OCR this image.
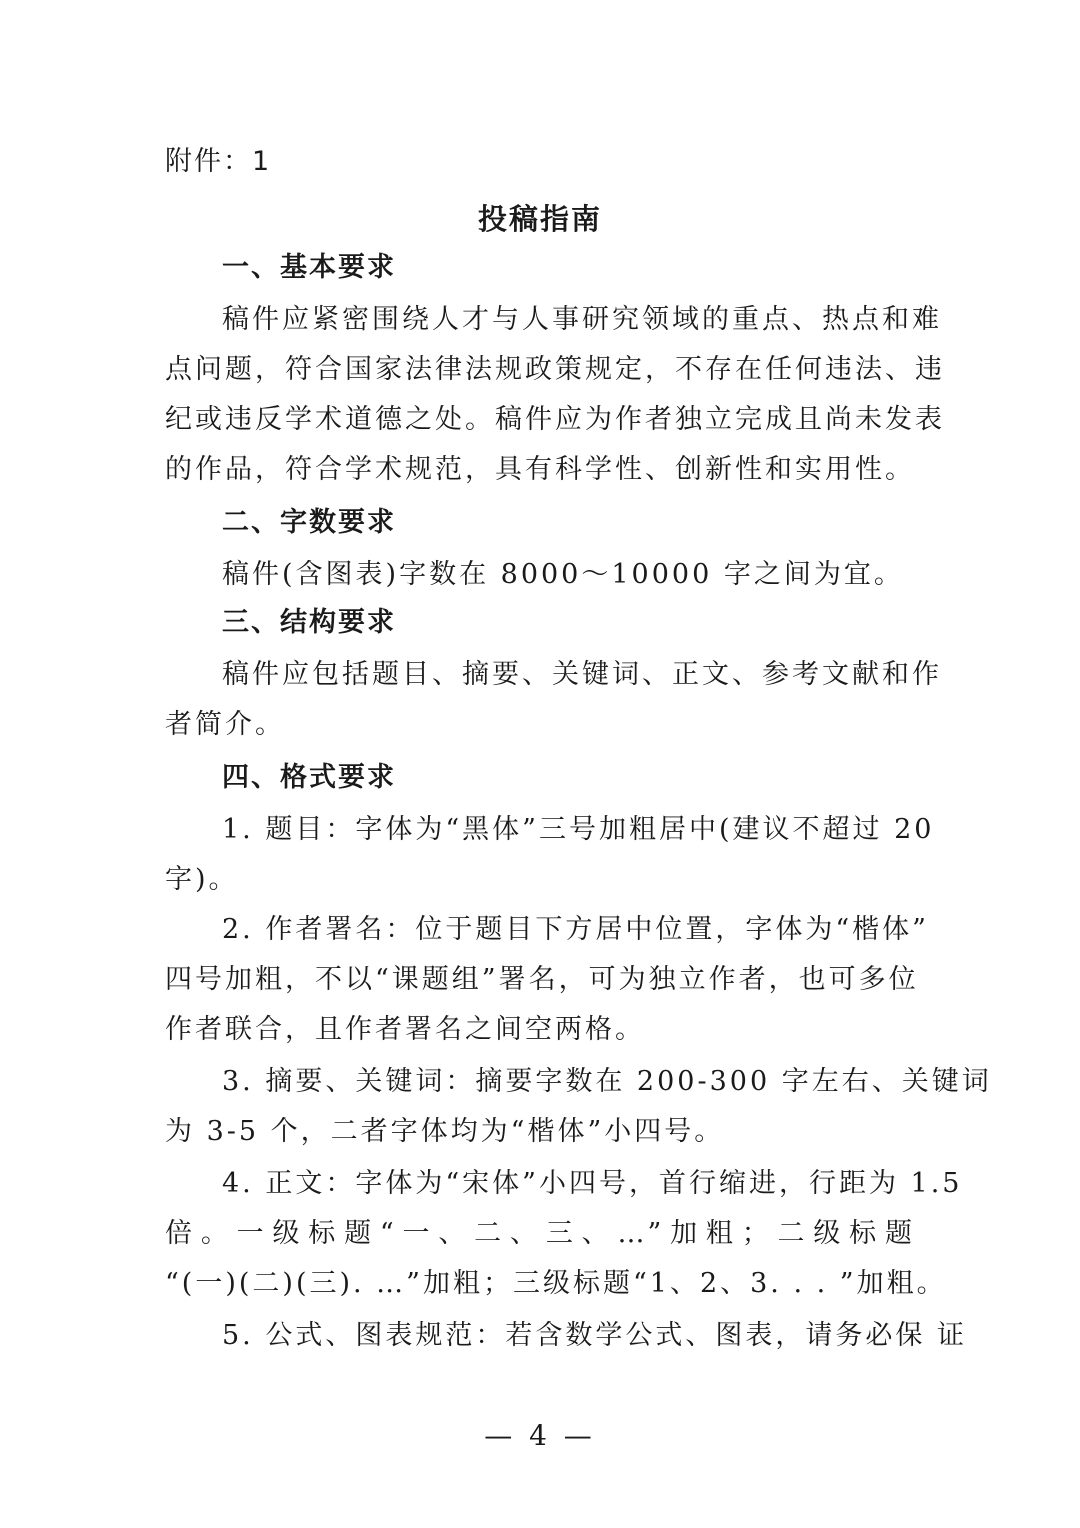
附件：1
投稿指南
一、基本要求
稿件应紧密围绕人才与人事研究领域的重点、热点和难
点问题，符合国家法律法规政策规定，不存在任何违法、违
纪或违反学术道德之处。稿件应为作者独立完成且尚未发表
的作品，符合学术规范，具有科学性、创新性和实用性。
二、字数要求
稿件(含图表)字数在 8000～10000 字之间为宜。
三、结构要求
稿件应包括题目、摘要、关键词、正文、参考文献和作
者简介。
四、格式要求
1. 题目：字体为“黑体”三号加粗居中(建议不超过 20
字)。
2. 作者署名：位于题目下方居中位置，字体为“楷体”
四号加粗，不以“课题组”署名，可为独立作者，也可多位
作者联合，且作者署名之间空两格。
3. 摘要、关键词：摘要字数在 200-300 字左右、关键词
为 3-5 个，二者字体均为“楷体”小四号。
4. 正文：字体为“宋体”小四号，首行缩进，行距为 1.5
倍。一级标题“一、二、三、…”加粗；二级标题
“(一)(二)(三). …”加粗；三级标题“1、2、3. . . ”加粗。
5. 公式、图表规范：若含数学公式、图表，请务必保 证
— 4 —
